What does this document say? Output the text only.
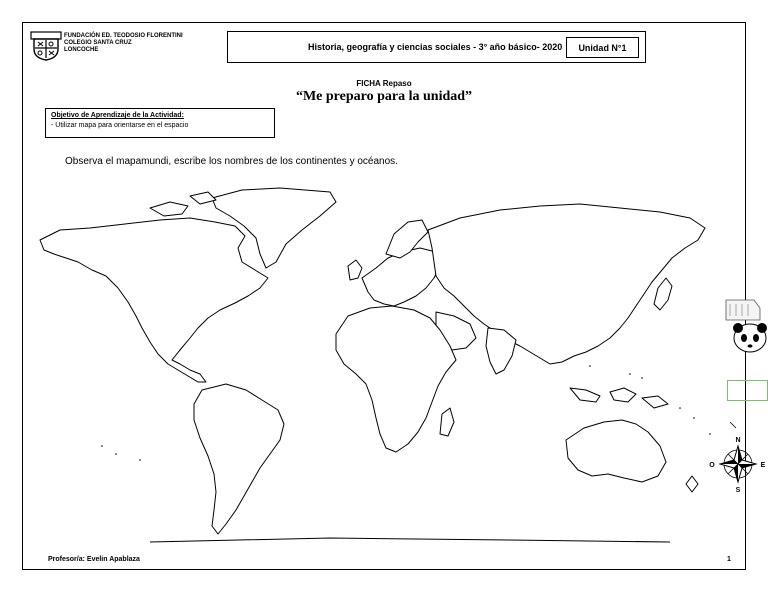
FUNDACIÓN ED. TEODOSIO FLORENTINI
COLEGIO SANTA CRUZ
LONCOCHE	Historia, geografía y ciencias sociales - 3° año básico- 2020	Unidad N°1
FICHA Repaso
“Me preparo para la unidad”
Objetivo de Aprendizaje de la Actividad:
- Utilizar mapa para orientarse en el espacio
Observa el mapamundi, escribe los nombres de los continentes y océanos.
N
S
E
O
Profesor/a: Evelin Apablaza	1
